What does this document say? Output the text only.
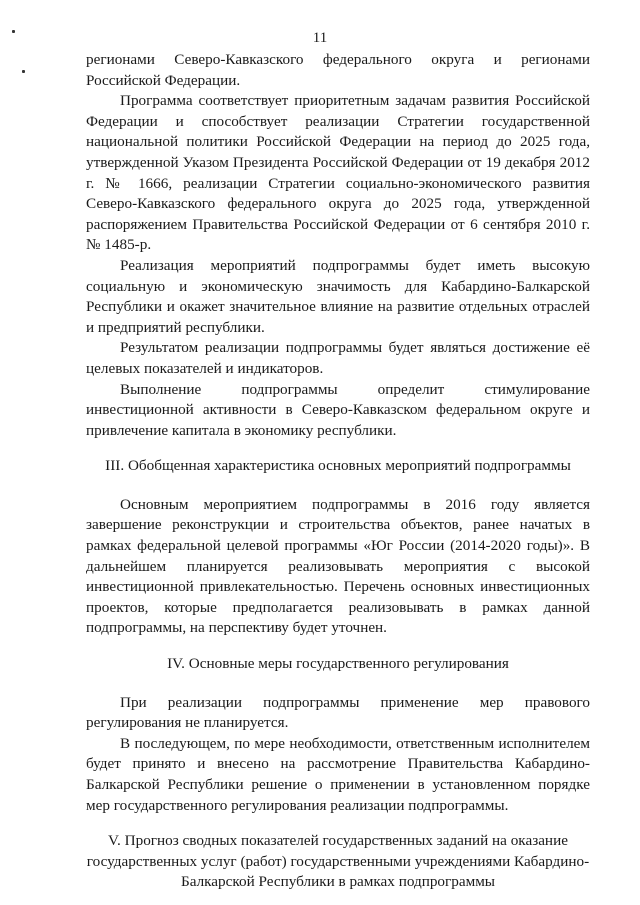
11

регионами Северо-Кавказского федерального округа и регионами Российской Федерации.

Программа соответствует приоритетным задачам развития Российской Федерации и способствует реализации Стратегии государственной национальной политики Российской Федерации на период до 2025 года, утвержденной Указом Президента Российской Федерации от 19 декабря 2012 г. № 1666, реализации Стратегии социально-экономического развития Северо-Кавказского федерального округа до 2025 года, утвержденной распоряжением Правительства Российской Федерации от 6 сентября 2010 г. № 1485-р.

Реализация мероприятий подпрограммы будет иметь высокую социальную и экономическую значимость для Кабардино-Балкарской Республики и окажет значительное влияние на развитие отдельных отраслей и предприятий республики.

Результатом реализации подпрограммы будет являться достижение её целевых показателей и индикаторов.

Выполнение подпрограммы определит стимулирование инвестиционной активности в Северо-Кавказском федеральном округе и привлечение капитала в экономику республики.

III. Обобщенная характеристика основных мероприятий подпрограммы

Основным мероприятием подпрограммы в 2016 году является завершение реконструкции и строительства объектов, ранее начатых в рамках федеральной целевой программы «Юг России (2014-2020 годы)». В дальнейшем планируется реализовывать мероприятия с высокой инвестиционной привлекательностью. Перечень основных инвестиционных проектов, которые предполагается реализовывать в рамках данной подпрограммы, на перспективу будет уточнен.

IV. Основные меры государственного регулирования

При реализации подпрограммы применение мер правового регулирования не планируется.

В последующем, по мере необходимости, ответственным исполнителем будет принято и внесено на рассмотрение Правительства Кабардино-Балкарской Республики решение о применении в установленном порядке мер государственного регулирования реализации подпрограммы.

V. Прогноз сводных показателей государственных заданий на оказание государственных услуг (работ) государственными учреждениями Кабардино-Балкарской Республики в рамках подпрограммы
